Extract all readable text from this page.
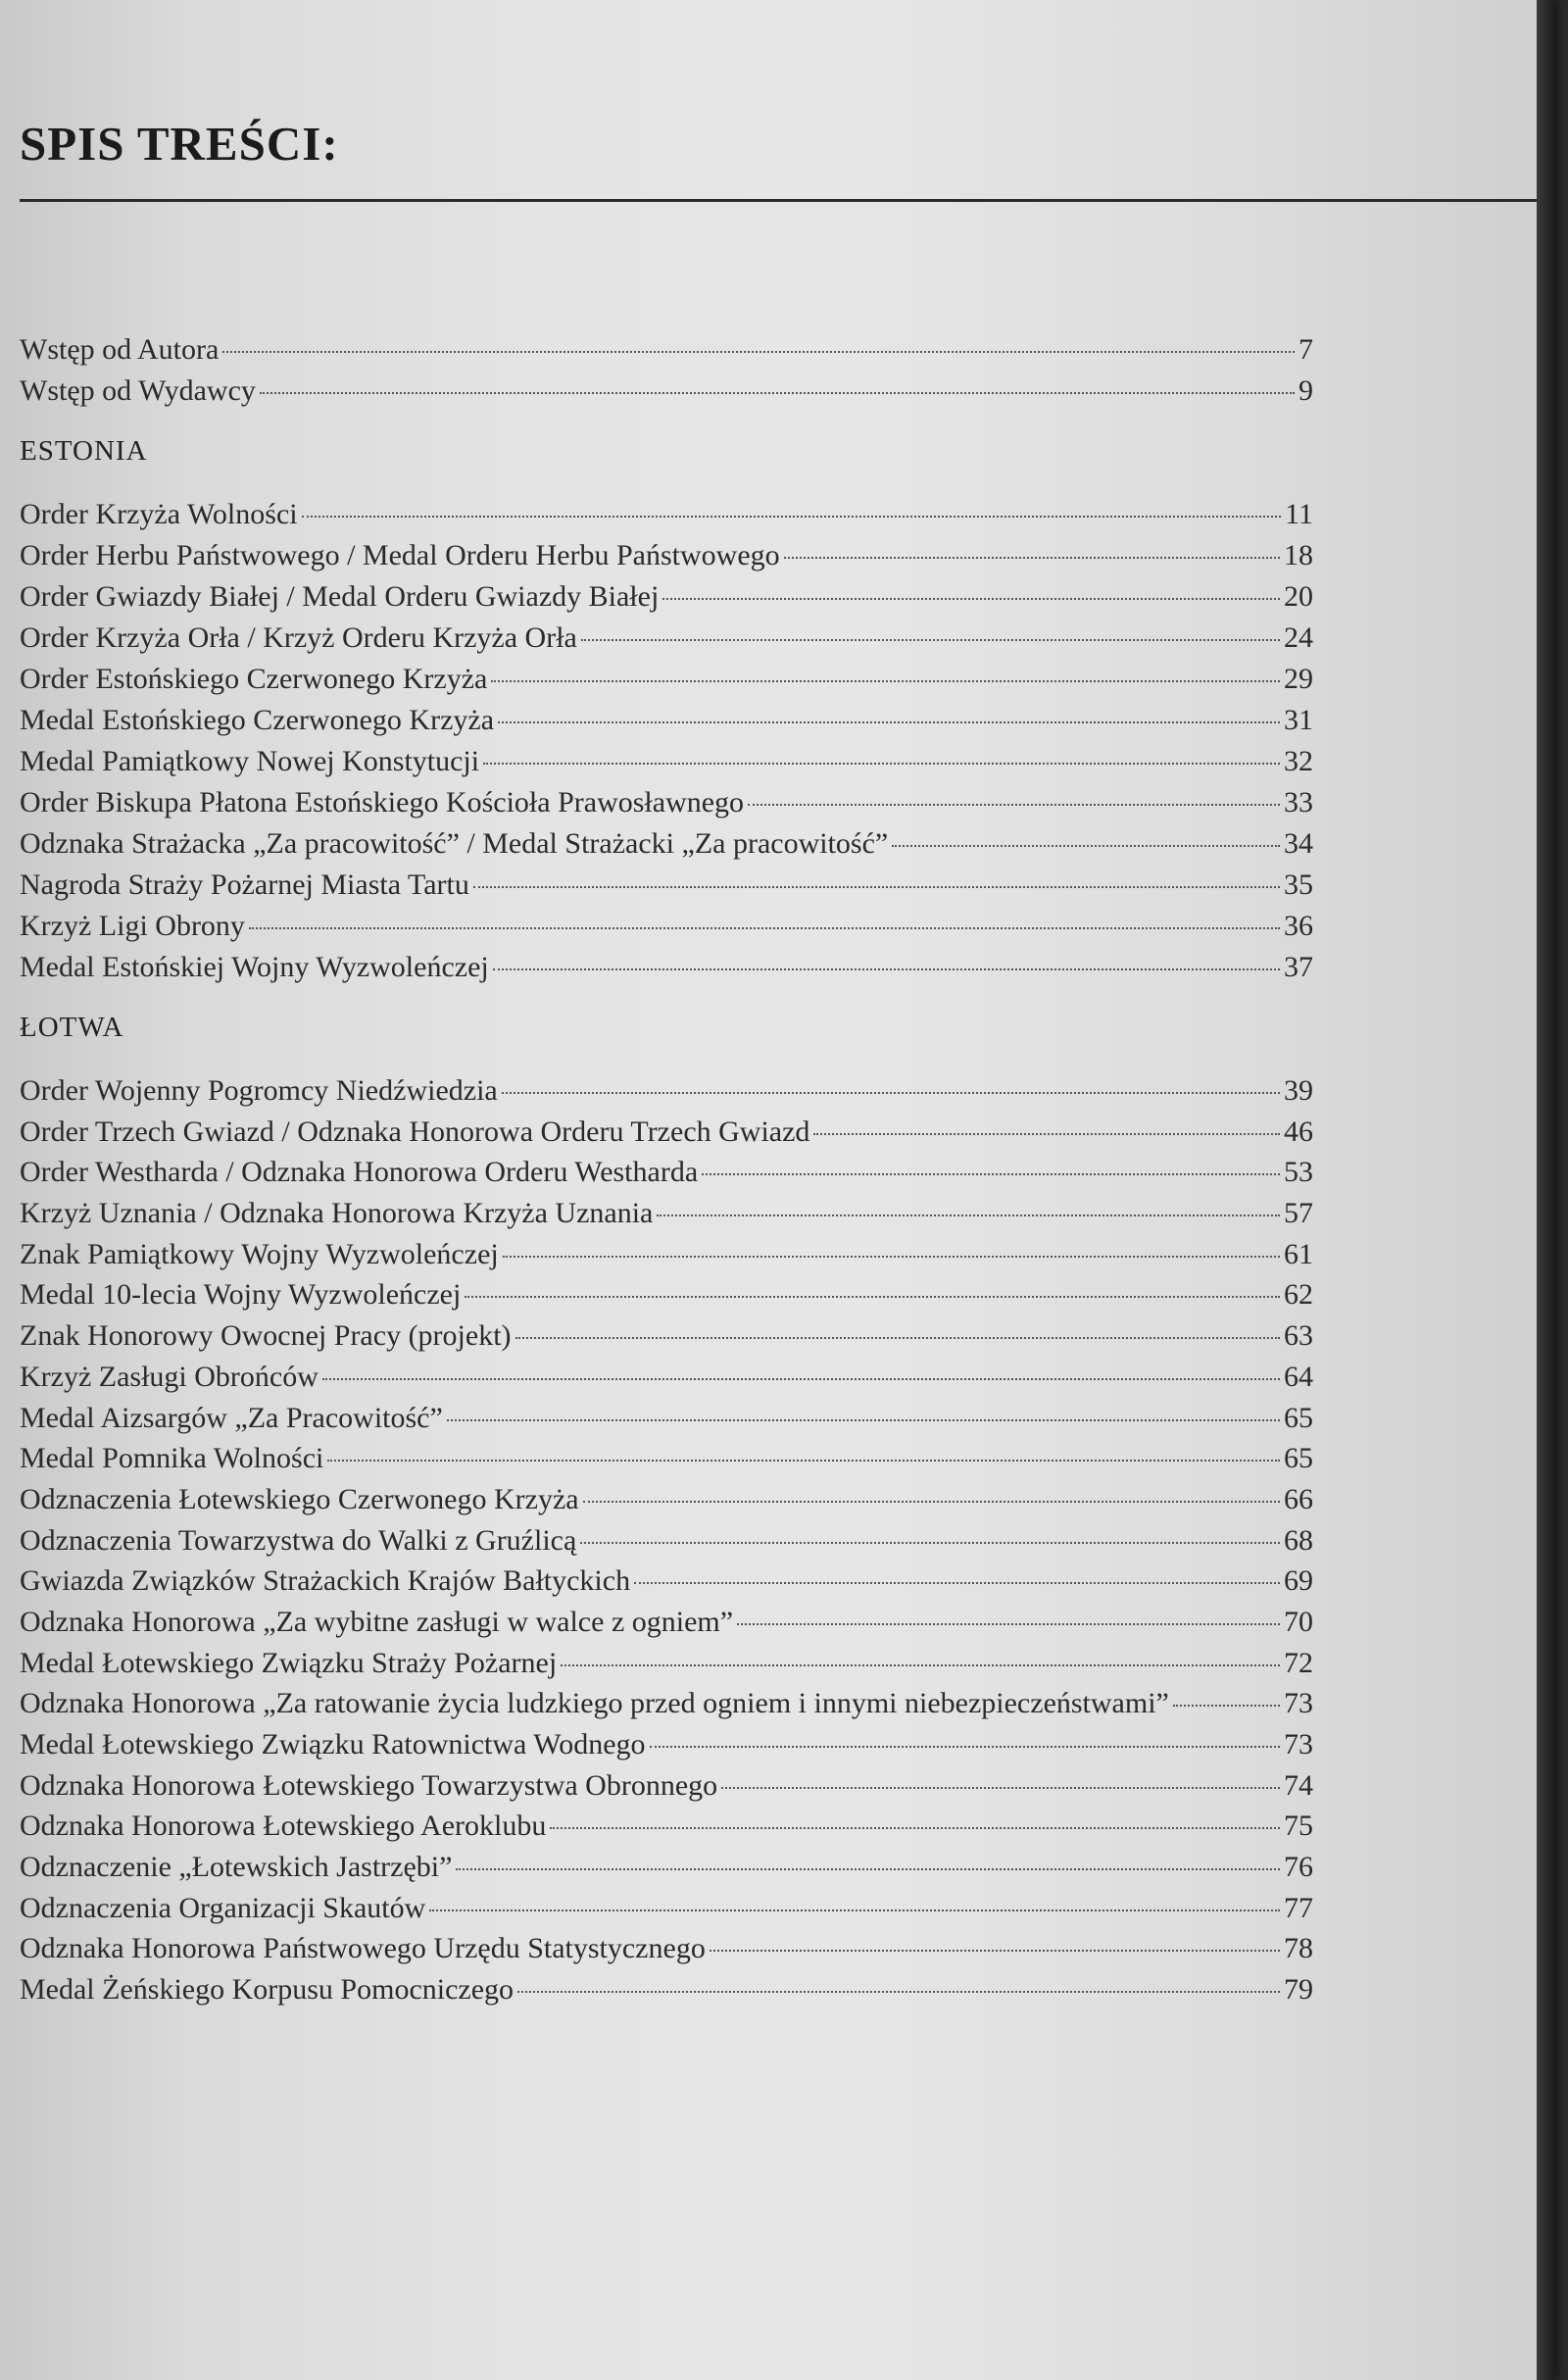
SPIS TREŚCI:
Wstęp od Autora	7
Wstęp od Wydawcy	9
ESTONIA
Order Krzyża Wolności	11
Order Herbu Państwowego / Medal Orderu Herbu Państwowego	18
Order Gwiazdy Białej / Medal Orderu Gwiazdy Białej	20
Order Krzyża Orła / Krzyż Orderu Krzyża Orła	24
Order Estońskiego Czerwonego Krzyża	29
Medal Estońskiego Czerwonego Krzyża	31
Medal Pamiątkowy Nowej Konstytucji	32
Order Biskupa Płatona Estońskiego Kościoła Prawosławnego	33
Odznaka Strażacka „Za pracowitość” / Medal Strażacki „Za pracowitość”	34
Nagroda Straży Pożarnej Miasta Tartu	35
Krzyż Ligi Obrony	36
Medal Estońskiej Wojny Wyzwoleńczej	37
ŁOTWA
Order Wojenny Pogromcy Niedźwiedzia	39
Order Trzech Gwiazd / Odznaka Honorowa Orderu Trzech Gwiazd	46
Order Westharda / Odznaka Honorowa Orderu Westharda	53
Krzyż Uznania / Odznaka Honorowa Krzyża Uznania	57
Znak Pamiątkowy Wojny Wyzwoleńczej	61
Medal 10-lecia Wojny Wyzwoleńczej	62
Znak Honorowy Owocnej Pracy (projekt)	63
Krzyż Zasługi Obrońców	64
Medal Aizsargów „Za Pracowitość”	65
Medal Pomnika Wolności	65
Odznaczenia Łotewskiego Czerwonego Krzyża	66
Odznaczenia Towarzystwa do Walki z Gruźlicą	68
Gwiazda Związków Strażackich Krajów Bałtyckich	69
Odznaka Honorowa „Za wybitne zasługi w walce z ogniem”	70
Medal Łotewskiego Związku Straży Pożarnej	72
Odznaka Honorowa „Za ratowanie życia ludzkiego przed ogniem i innymi niebezpieczeństwami”	73
Medal Łotewskiego Związku Ratownictwa Wodnego	73
Odznaka Honorowa Łotewskiego Towarzystwa Obronnego	74
Odznaka Honorowa Łotewskiego Aeroklubu	75
Odznaczenie „Łotewskich Jastrzębi”	76
Odznaczenia Organizacji Skautów	77
Odznaka Honorowa Państwowego Urzędu Statystycznego	78
Medal Żeńskiego Korpusu Pomocniczego	79
